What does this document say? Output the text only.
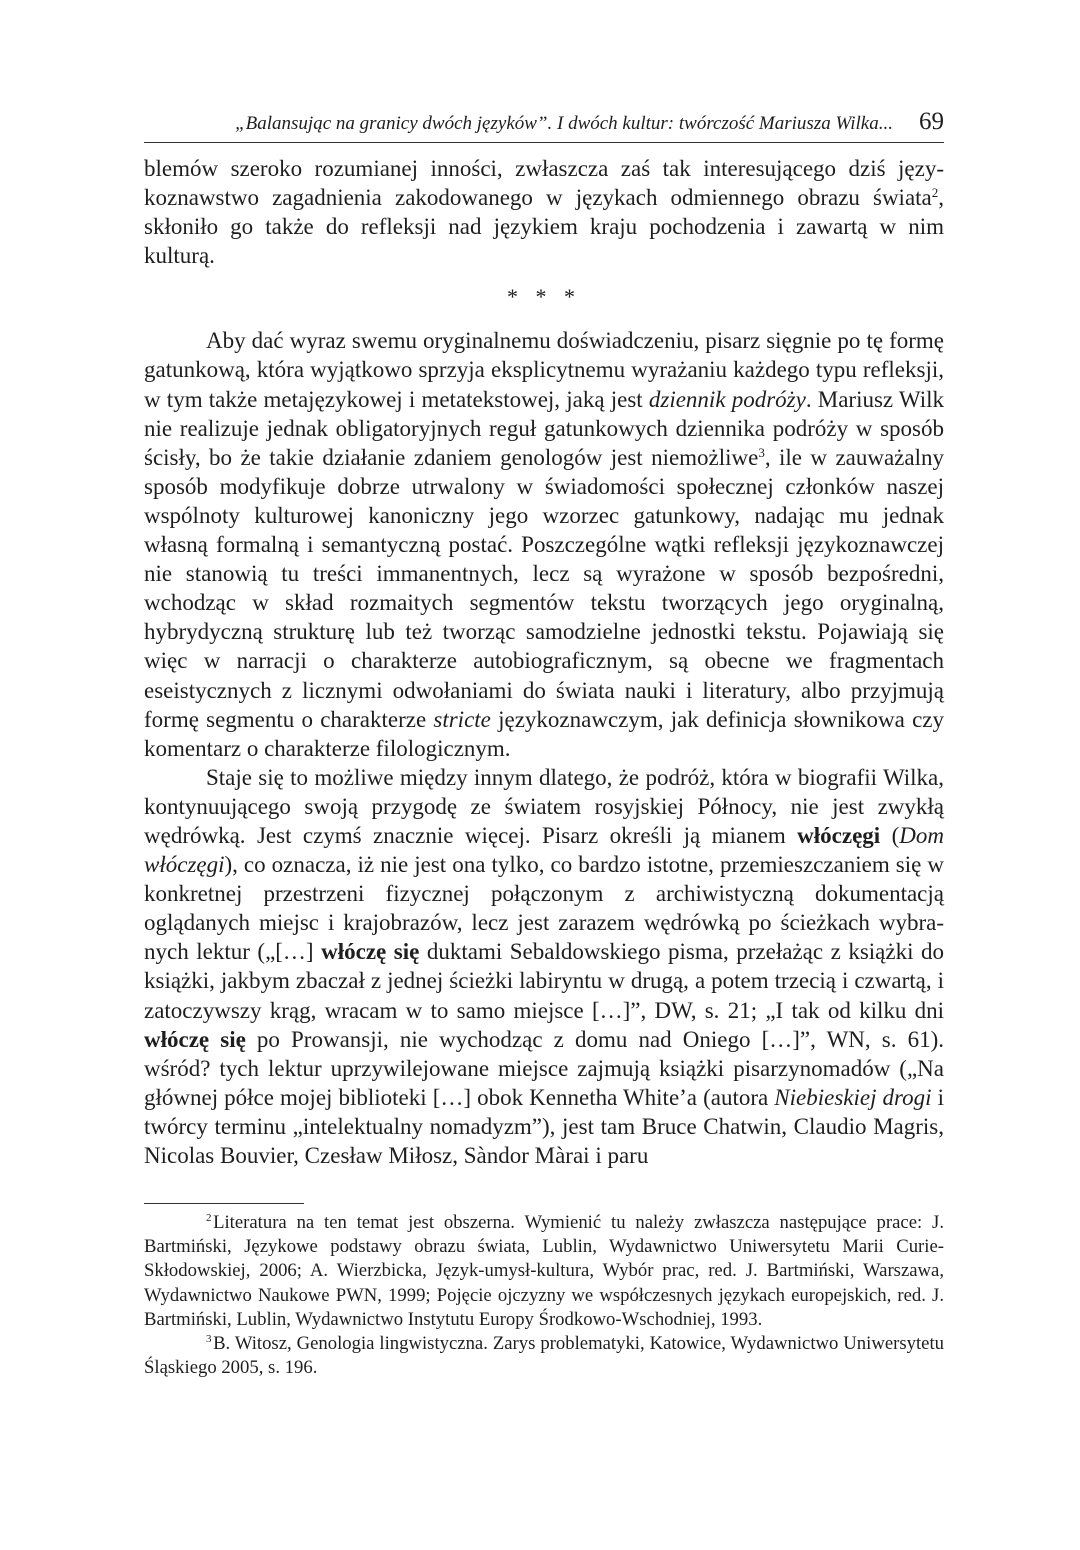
„Balansując na granicy dwóch języków”. I dwóch kultur: twórczość Mariusza Wilka... 69

blemów szeroko rozumianej inności, zwłaszcza zaś tak interesującego dziś językoznawstwo zagadnienia zakodowanego w językach odmiennego obrazu świata$^2$, skłoniło go także do refleksji nad językiem kraju pochodzenia i zawartą w nim kulturą.

* * *

Aby dać wyraz swemu oryginalnemu doświadczeniu, pisarz sięgnie po tę formę gatunkową, która wyjątkowo sprzyja eksplicytnemu wyrażaniu każdego typu refleksji, w tym także metajęzykowej i metatekstowej, jaką jest dziennik podróży. Mariusz Wilk nie realizuje jednak obligatoryjnych reguł gatunkowych dziennika podróży w sposób ścisły, bo że takie działanie zdaniem genologów jest niemożliwe$^3$, ile w zauważalny sposób modyfikuje dobrze utrwalony w świadomości społecznej członków naszej wspólnoty kulturowej kanoniczny jego wzorzec gatunkowy, nadając mu jednak własną formalną i semantyczną postać. Poszczególne wątki refleksji językoznawczej nie stanowią tu treści immanentnych, lecz są wyrażone w sposób bezpośredni, wchodząc w skład rozmaitych segmentów tekstu tworzących jego oryginalną, hybrydyczną strukturę lub też tworząc samodzielne jednostki tekstu. Pojawiają się więc w narracji o charakterze autobiograficznym, są obecne we fragmentach eseistycznych z licznymi odwołaniami do świata nauki i literatury, albo przyjmują formę segmentu o charakterze stricte językoznawczym, jak definicja słownikowa czy komentarz o charakterze filologicznym.

Staje się to możliwe między innym dlatego, że podróż, która w biografii Wilka, kontynuującego swoją przygodę ze światem rosyjskiej Północy, nie jest zwykłą wędrówką. Jest czymś znacznie więcej. Pisarz określi ją mianem włóczęgi (Dom włóczęgi), co oznacza, iż nie jest ona tylko, co bardzo istotne, przemieszczaniem się w konkretnej przestrzeni fizycznej połączonym z archiwistyczną dokumentacją oglądanych miejsc i krajobrazów, lecz jest zarazem wędrówką po ścieżkach wybranych lektur („[…] włóczę się duktami Sebaldowskiego pisma, przełażąc z książki do książki, jakbym zbaczał z jednej ścieżki labiryntu w drugą, a potem trzecią i czwartą, i zatoczywszy krąg, wracam w to samo miejsce […]”, DW, s. 21; „I tak od kilku dni włóczę się po Prowansji, nie wychodząc z domu nad Oniego […]”, WN, s. 61). wśród? tych lektur uprzywilejowane miejsce zajmują książki pisarzynomadów („Na głównej półce mojej biblioteki […] obok Kennetha White’a (autora Niebieskiej drogi i twórcy terminu „intelektualny nomadyzm”), jest tam Bruce Chatwin, Claudio Magris, Nicolas Bouvier, Czesław Miłosz, Sàndor Màrai i paru

$^2$ Literatura na ten temat jest obszerna. Wymienić tu należy zwłaszcza następujące prace: J. Bartmiński, Językowe podstawy obrazu świata, Lublin, Wydawnictwo Uniwersytetu Marii Curie-Skłodowskiej, 2006; A. Wierzbicka, Język-umysł-kultura, Wybór prac, red. J. Bartmiński, Warszawa, Wydawnictwo Naukowe PWN, 1999; Pojęcie ojczyzny we współczesnych językach europejskich, red. J. Bartmiński, Lublin, Wydawnictwo Instytutu Europy Środkowo-Wschodniej, 1993.

$^3$ B. Witosz, Genologia lingwistyczna. Zarys problematyki, Katowice, Wydawnictwo Uniwersytetu Śląskiego 2005, s. 196.
